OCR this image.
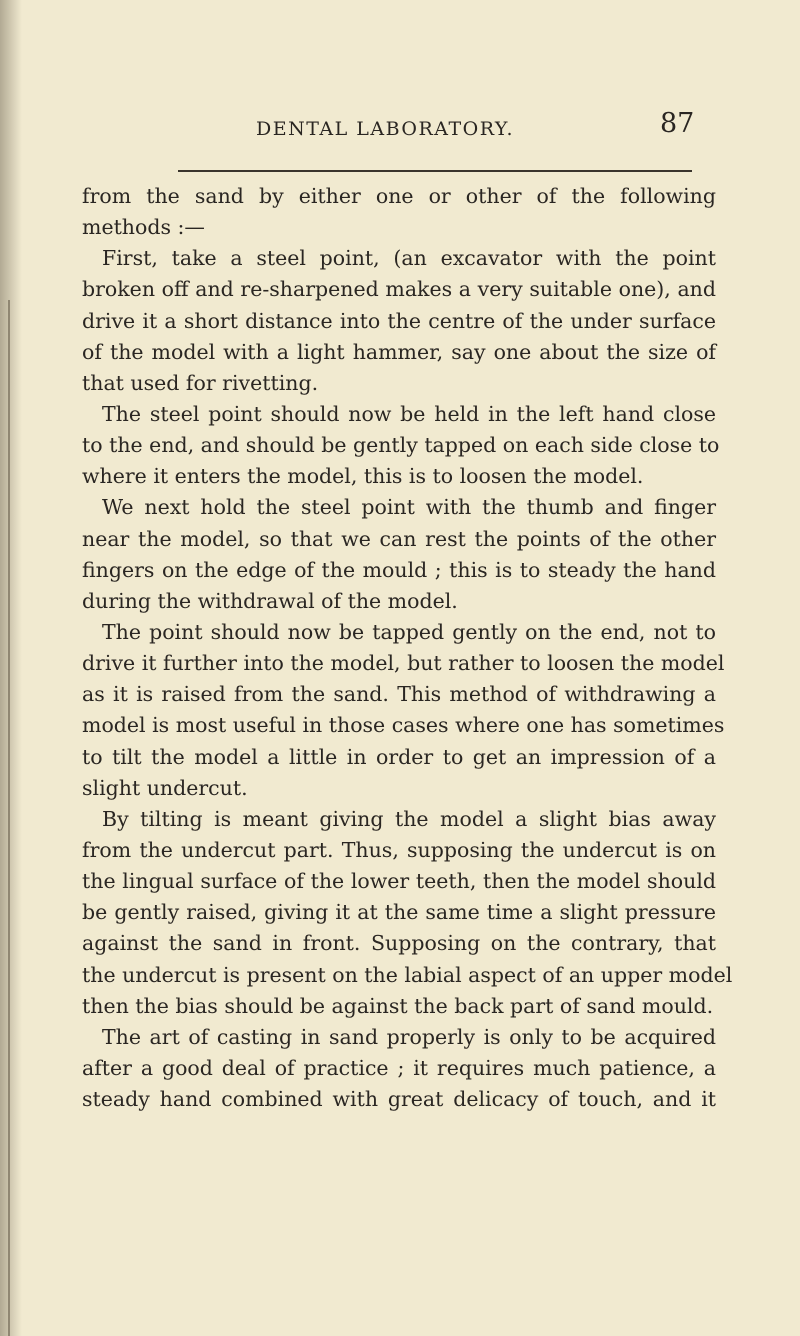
DENTAL LABORATORY.	87
from the sand by either one or other of the following
methods :—
First, take a steel point, (an excavator with the point
broken off and re-sharpened makes a very suitable one), and
drive it a short distance into the centre of the under surface
of the model with a light hammer, say one about the size of
that used for rivetting.
The steel point should now be held in the left hand close
to the end, and should be gently tapped on each side close to
where it enters the model, this is to loosen the model.
We next hold the steel point with the thumb and finger
near the model, so that we can rest the points of the other
fingers on the edge of the mould ; this is to steady the hand
during the withdrawal of the model.
The point should now be tapped gently on the end, not to
drive it further into the model, but rather to loosen the model
as it is raised from the sand. This method of withdrawing a
model is most useful in those cases where one has sometimes
to tilt the model a little in order to get an impression of a
slight undercut.
By tilting is meant giving the model a slight bias away
from the undercut part. Thus, supposing the undercut is on
the lingual surface of the lower teeth, then the model should
be gently raised, giving it at the same time a slight pressure
against the sand in front. Supposing on the contrary, that
the undercut is present on the labial aspect of an upper model
then the bias should be against the back part of sand mould.
The art of casting in sand properly is only to be acquired
after a good deal of practice ; it requires much patience, a
steady hand combined with great delicacy of touch, and it
